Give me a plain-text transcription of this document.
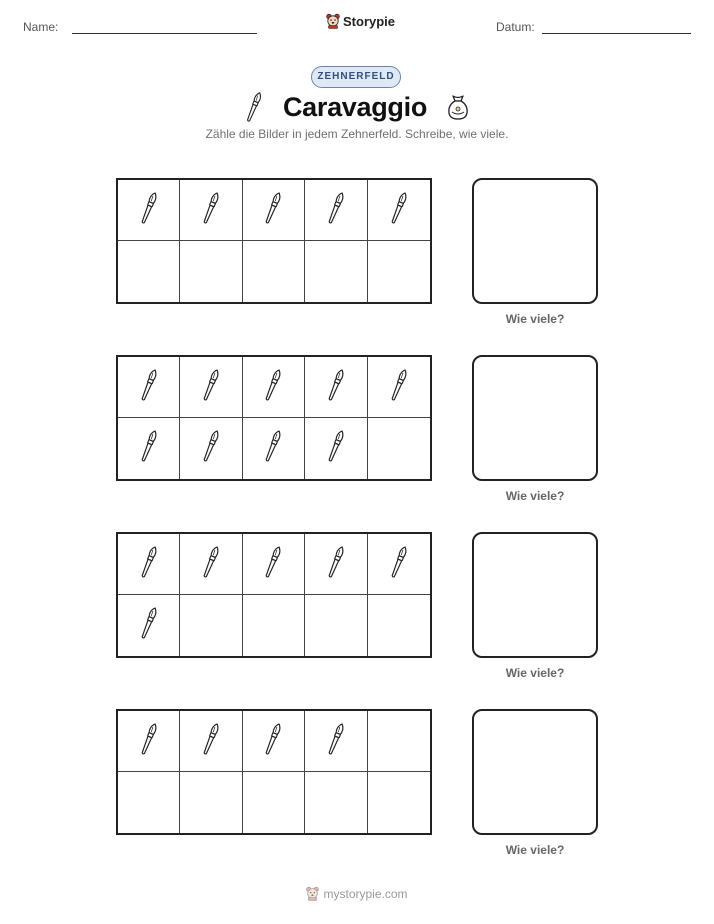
Name:	Storypie	Datum:
ZEHNERFELD
Caravaggio
Zähle die Bilder in jedem Zehnerfeld. Schreibe, wie viele.
Wie viele?
Wie viele?
Wie viele?
Wie viele?
mystorypie.com
